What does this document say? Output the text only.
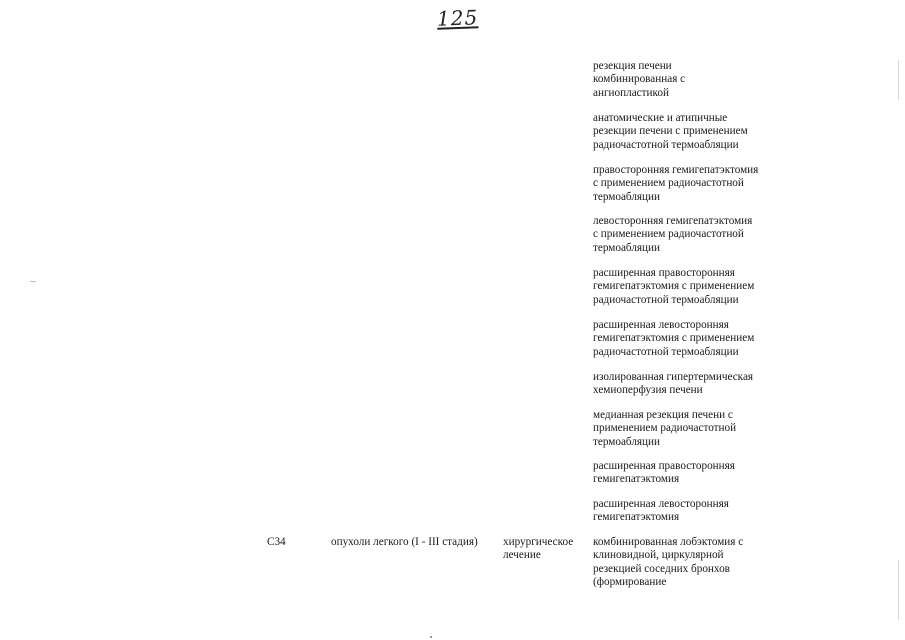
125
резекция печени
комбинированная с
ангиопластикой
анатомические и атипичные
резекции печени с применением
радиочастотной термоабляции
правосторонняя гемигепатэктомия
с применением радиочастотной
термоабляции
левосторонняя гемигепатэктомия
с применением радиочастотной
термоабляции
расширенная правосторонняя
гемигепатэктомия с применением
радиочастотной термоабляции
расширенная левосторонняя
гемигепатэктомия с применением
радиочастотной термоабляции
изолированная гипертермическая
хемиоперфузия печени
медианная резекция печени с
применением радиочастотной
термоабляции
расширенная правосторонняя
гемигепатэктомия
расширенная левосторонняя
гемигепатэктомия
C34	опухоли легкого (I - III стадия) хирургическое
лечение
комбинированная лобэктомия с
клиновидной, циркулярной
резекцией соседних бронхов
(формирование
